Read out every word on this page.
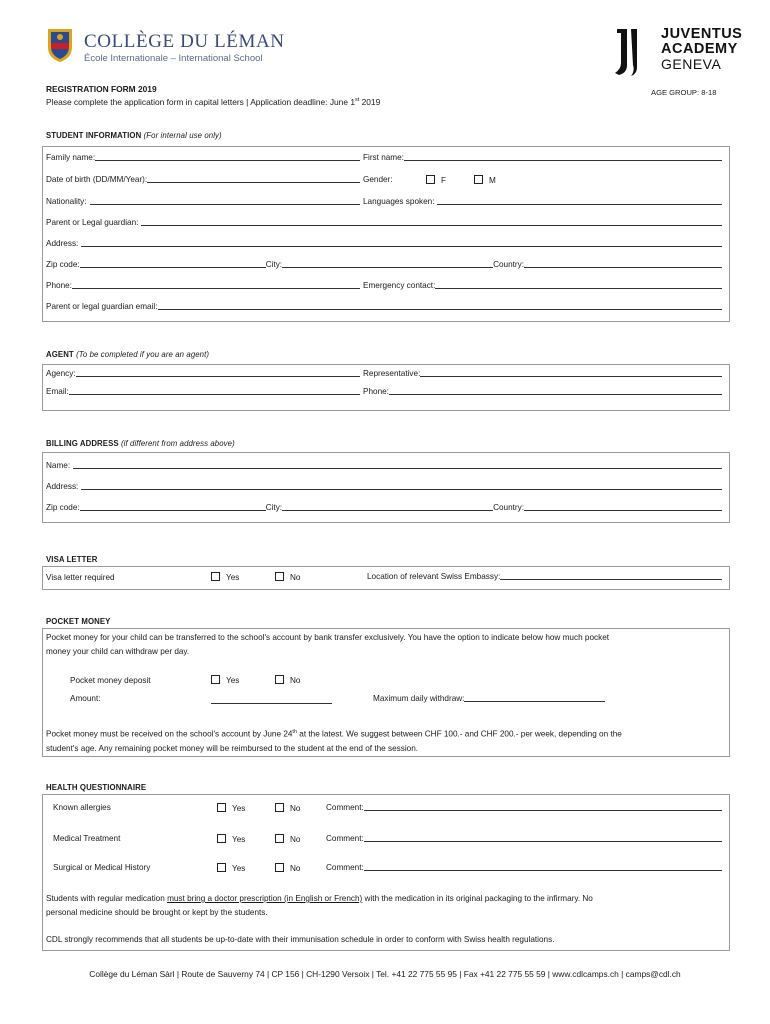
COLLÈGE DU LÉMAN
École Internationale – International School
JUVENTUS
ACADEMY
GENEVA
REGISTRATION FORM 2019
Please complete the application form in capital letters | Application deadline: June 1st 2019
AGE GROUP: 8-18
STUDENT INFORMATION (For internal use only)
Family name:	First name:
Date of birth (DD/MM/Year):	Gender:	F	M
Nationality:	Languages spoken:
Parent or Legal guardian:
Address:
Zip code:	City:	Country:
Phone:	Emergency contact:
Parent or legal guardian email:
AGENT (To be completed if you are an agent)
Agency:	Representative:
Email:	Phone:
BILLING ADDRESS (if different from address above)
Name:
Address:
Zip code:	City:	Country:
VISA LETTER
Visa letter required	Yes	No	Location of relevant Swiss Embassy:
POCKET MONEY
Pocket money for your child can be transferred to the school's account by bank transfer exclusively. You have the option to indicate below how much pocket
money your child can withdraw per day.
Pocket money deposit	Yes	No
Amount:	Maximum daily withdraw:
Pocket money must be received on the school's account by June 24th at the latest. We suggest between CHF 100.- and CHF 200.- per week, depending on the
student's age. Any remaining pocket money will be reimbursed to the student at the end of the session.
HEALTH QUESTIONNAIRE
Known allergies	Yes	No	Comment:
Medical Treatment	Yes	No	Comment:
Surgical or Medical History	Yes	No	Comment:
Students with regular medication must bring a doctor prescription (in English or French) with the medication in its original packaging to the infirmary. No
personal medicine should be brought or kept by the students.
CDL strongly recommends that all students be up-to-date with their immunisation schedule in order to conform with Swiss health regulations.
Collège du Léman Sàrl | Route de Sauverny 74 | CP 156 | CH-1290 Versoix | Tel. +41 22 775 55 95 | Fax +41 22 775 55 59 | www.cdlcamps.ch | camps@cdl.ch
